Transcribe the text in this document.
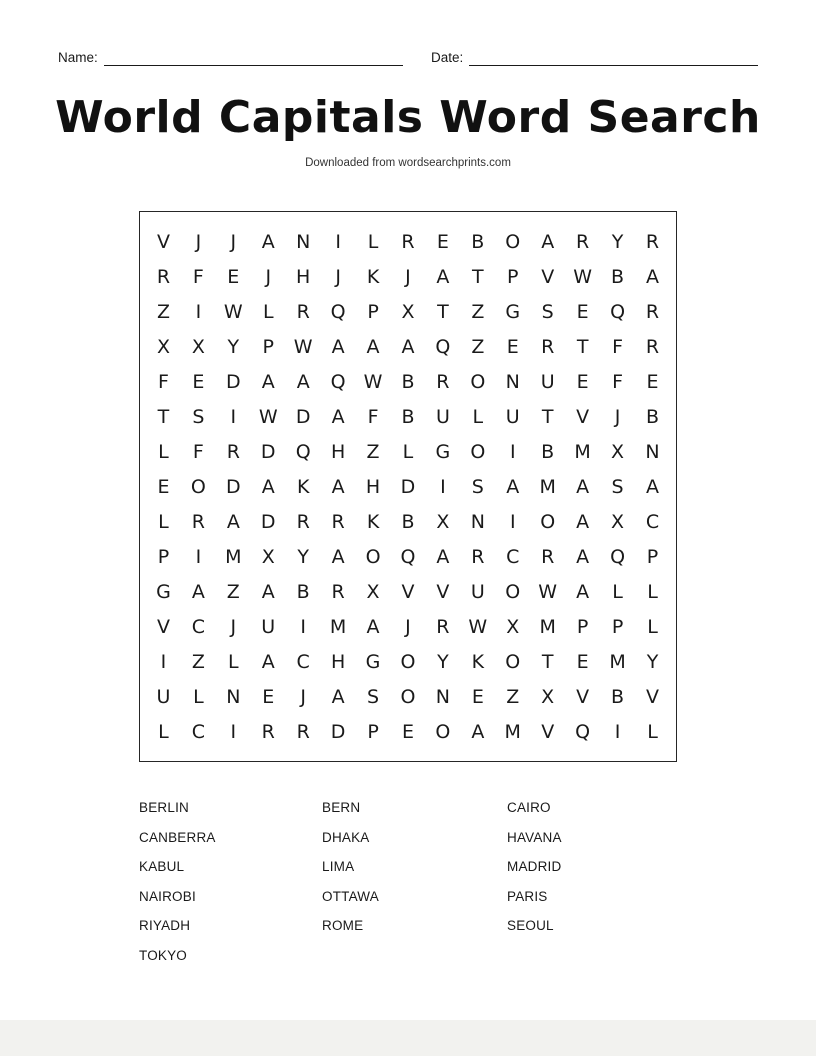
Name:	Date:
World Capitals Word Search
Downloaded from wordsearchprints.com
V	J	J	A	N	I	L	R	E	B	O	A	R	Y	R
R	F	E	J	H	J	K	J	A	T	P	V	W	B	A
Z	I	W	L	R	Q	P	X	T	Z	G	S	E	Q	R
X	X	Y	P	W	A	A	A	Q	Z	E	R	T	F	R
F	E	D	A	A	Q	W	B	R	O	N	U	E	F	E
T	S	I	W	D	A	F	B	U	L	U	T	V	J	B
L	F	R	D	Q	H	Z	L	G	O	I	B	M	X	N
E	O	D	A	K	A	H	D	I	S	A	M	A	S	A
L	R	A	D	R	R	K	B	X	N	I	O	A	X	C
P	I	M	X	Y	A	O	Q	A	R	C	R	A	Q	P
G	A	Z	A	B	R	X	V	V	U	O	W	A	L	L
V	C	J	U	I	M	A	J	R	W	X	M	P	P	L
I	Z	L	A	C	H	G	O	Y	K	O	T	E	M	Y
U	L	N	E	J	A	S	O	N	E	Z	X	V	B	V
L	C	I	R	R	D	P	E	O	A	M	V	Q	I	L
BERLIN	BERN	CAIRO
CANBERRA	DHAKA	HAVANA
KABUL	LIMA	MADRID
NAIROBI	OTTAWA	PARIS
RIYADH	ROME	SEOUL
TOKYO
